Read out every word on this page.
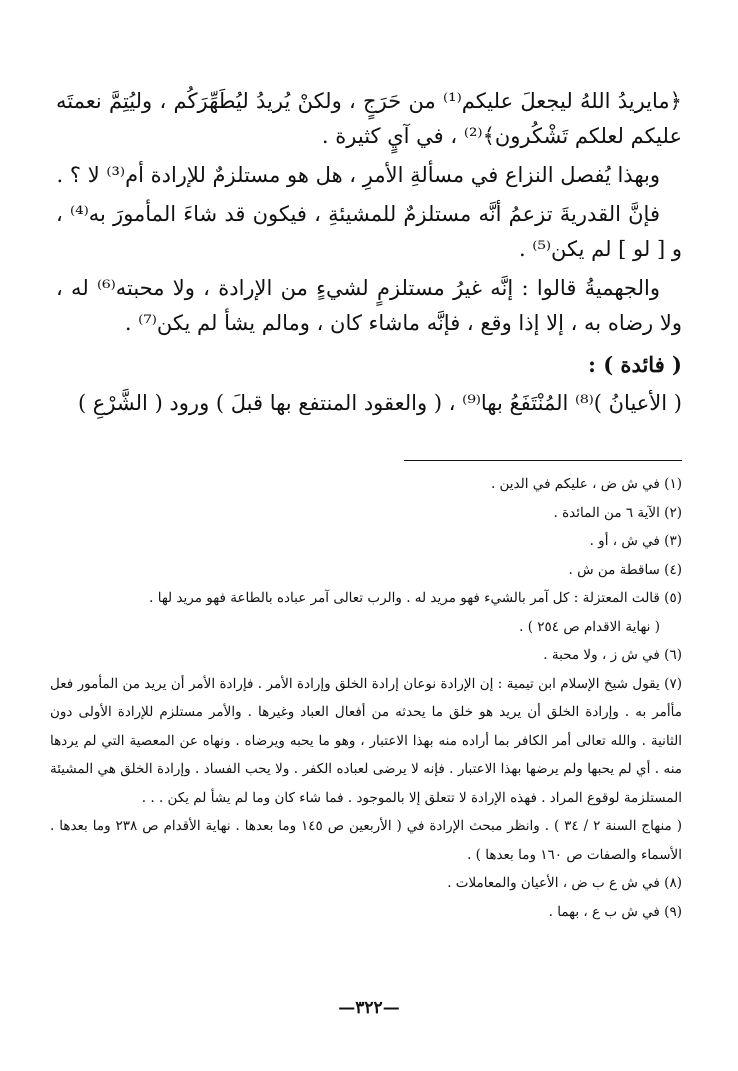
﴿مايريدُ اللهُ ليجعلَ عليكم⁽¹⁾ من حَرَجٍ ، ولكنْ يُريدُ ليُطَهِّرَكُم ، وليُتِمَّ نعمتَه عليكم لعلكم تَشْكُرون﴾⁽²⁾ ، في آيٍ كثيرة .

وبهذا يُفصل النزاع في مسألةِ الأمرِ ، هل هو مستلزمٌ للإرادة أم⁽³⁾ لا ؟ .

فإنَّ القدريةَ تزعمُ أنَّه مستلزمٌ للمشيئةِ ، فيكون قد شاءَ المأمورَ به⁽⁴⁾ ، و [ لو ] لم يكن⁽⁵⁾ .

والجهميةُ قالوا : إنَّه غيرُ مستلزمٍ لشيءٍ من الإرادة ، ولا محبته⁽⁶⁾ له ، ولا رضاه به ، إلا إذا وقع ، فإنَّه ماشاء كان ، ومالم يشأ لم يكن⁽⁷⁾ .

( فائدة ) :

( الأعيانُ )⁽⁸⁾ المُنْتَفَعُ بها⁽⁹⁾ ، ( والعقود المنتفع بها قبلَ ) ورود ( الشَّرْعِ )

(١) في ش ض ، عليكم في الدين .

(٢) الآية ٦ من المائدة .

(٣) في ش ، أو .

(٤) ساقطة من ش .

(٥) قالت المعتزلة : كل آمر بالشيء فهو مريد له . والرب تعالى آمر عباده بالطاعة فهو مريد لها .

( نهاية الاقدام ص ٢٥٤ ) .

(٦) في ش ز ، ولا محبة .

(٧) يقول شيخ الإسلام ابن تيمية : إن الإرادة نوعان إرادة الخلق وإرادة الأمر . فإرادة الأمر أن يريد من المأمور فعل مأأمر به . وإرادة الخلق أن يريد هو خلق ما يحدثه من أفعال العباد وغيرها . والأمر مستلزم للإرادة الأولى دون الثانية . والله تعالى أمر الكافر بما أراده منه بهذا الاعتبار ، وهو ما يحبه ويرضاه . ونهاه عن المعصية التي لم يردها منه . أي لم يحبها ولم يرضها بهذا الاعتبار . فإنه لا يرضى لعباده الكفر . ولا يحب الفساد . وإرادة الخلق هي المشيئة المستلزمة لوقوع المراد . فهذه الإرادة لا تتعلق إلا بالموجود . فما شاء كان وما لم يشأ لم يكن . . .

( منهاج السنة ٢ / ٣٤ ) . وانظر مبحث الإرادة في ( الأربعين ص ١٤٥ وما بعدها . نهاية الأقدام ص ٢٣٨ وما بعدها . الأسماء والصفات ص ١٦٠ وما بعدها ) .

(٨) في ش ع ب ض ، الأعيان والمعاملات .

(٩) في ش ب ع ، بهما .

—٣٢٢—
